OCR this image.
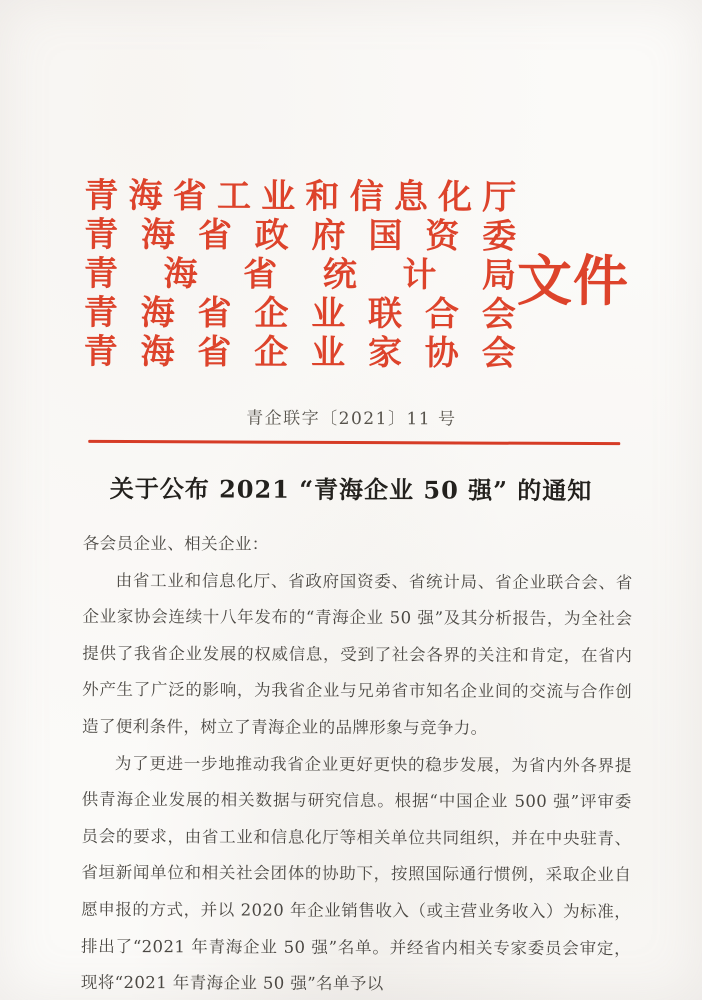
青海省工业和信息化厅
青海省政府国资委
青海省统计局
青海省企业联合会
青海省企业家协会
文件
青企联字〔2021〕11 号
关于公布 2021 “青海企业 50 强” 的通知

各会员企业、相关企业：

由省工业和信息化厅、省政府国资委、省统计局、省企业联合会、省企业家协会连续十八年发布的“青海企业 50 强”及其分析报告，为全社会提供了我省企业发展的权威信息，受到了社会各界的关注和肯定，在省内外产生了广泛的影响，为我省企业与兄弟省市知名企业间的交流与合作创造了便利条件，树立了青海企业的品牌形象与竞争力。

为了更进一步地推动我省企业更好更快的稳步发展，为省内外各界提供青海企业发展的相关数据与研究信息。根据“中国企业 500 强”评审委员会的要求，由省工业和信息化厅等相关单位共同组织，并在中央驻青、省垣新闻单位和相关社会团体的协助下，按照国际通行惯例，采取企业自愿申报的方式，并以 2020 年企业销售收入（或主营业务收入）为标准，排出了“2021 年青海企业 50 强”名单。并经省内相关专家委员会审定，现将“2021 年青海企业 50 强”名单予以
